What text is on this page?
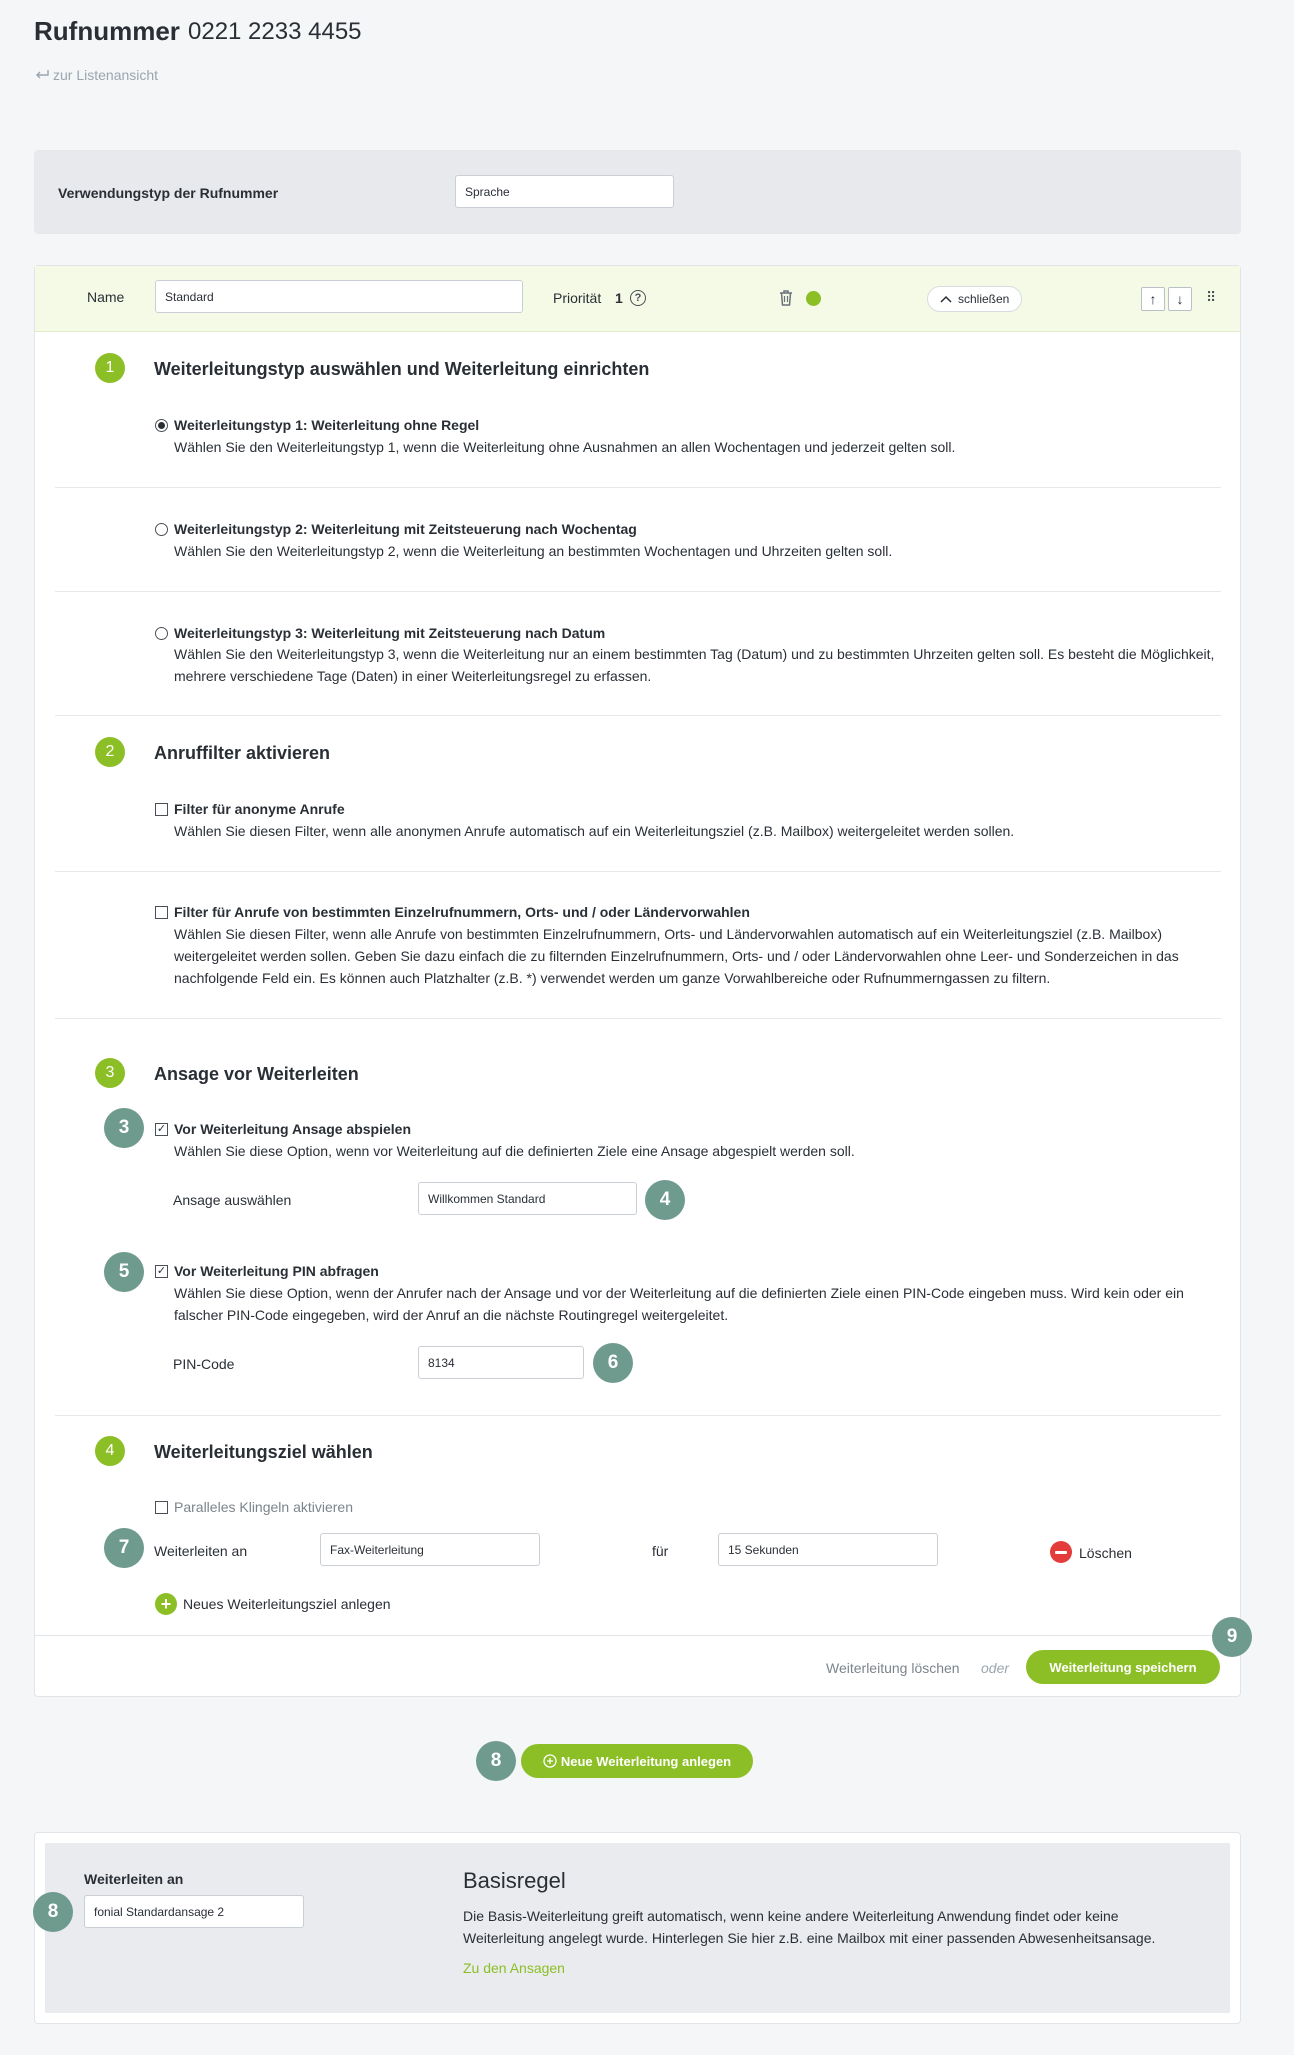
Rufnummer 0221 2233 4455
zur Listenansicht
Verwendungstyp der Rufnummer	Sprache
Name	Standard	Priorität 1	?	schließen	↑	↓	⠿
1	Weiterleitungstyp auswählen und Weiterleitung einrichten
Weiterleitungstyp 1: Weiterleitung ohne Regel
Wählen Sie den Weiterleitungstyp 1, wenn die Weiterleitung ohne Ausnahmen an allen Wochentagen und jederzeit gelten soll.
Weiterleitungstyp 2: Weiterleitung mit Zeitsteuerung nach Wochentag
Wählen Sie den Weiterleitungstyp 2, wenn die Weiterleitung an bestimmten Wochentagen und Uhrzeiten gelten soll.
Weiterleitungstyp 3: Weiterleitung mit Zeitsteuerung nach Datum
Wählen Sie den Weiterleitungstyp 3, wenn die Weiterleitung nur an einem bestimmten Tag (Datum) und zu bestimmten Uhrzeiten gelten soll. Es besteht die Möglichkeit, mehrere verschiedene Tage (Daten) in einer Weiterleitungsregel zu erfassen.
2	Anruffilter aktivieren
Filter für anonyme Anrufe
Wählen Sie diesen Filter, wenn alle anonymen Anrufe automatisch auf ein Weiterleitungsziel (z.B. Mailbox) weitergeleitet werden sollen.
Filter für Anrufe von bestimmten Einzelrufnummern, Orts- und / oder Ländervorwahlen
Wählen Sie diesen Filter, wenn alle Anrufe von bestimmten Einzelrufnummern, Orts- und Ländervorwahlen automatisch auf ein Weiterleitungsziel (z.B. Mailbox) weitergeleitet werden sollen. Geben Sie dazu einfach die zu filternden Einzelrufnummern, Orts- und / oder Ländervorwahlen ohne Leer- und Sonderzeichen in das nachfolgende Feld ein. Es können auch Platzhalter (z.B. *) verwendet werden um ganze Vorwahlbereiche oder Rufnummerngassen zu filtern.
3	Ansage vor Weiterleiten
3	✓ Vor Weiterleitung Ansage abspielen
Wählen Sie diese Option, wenn vor Weiterleitung auf die definierten Ziele eine Ansage abgespielt werden soll.
Ansage auswählen	Willkommen Standard	4
5	✓ Vor Weiterleitung PIN abfragen
Wählen Sie diese Option, wenn der Anrufer nach der Ansage und vor der Weiterleitung auf die definierten Ziele einen PIN-Code eingeben muss. Wird kein oder ein falscher PIN-Code eingegeben, wird der Anruf an die nächste Routingregel weitergeleitet.
PIN-Code	8134	6
4	Weiterleitungsziel wählen
Paralleles Klingeln aktivieren
7	Weiterleiten an	Fax-Weiterleitung	für	15 Sekunden	Löschen
+ Neues Weiterleitungsziel anlegen
Weiterleitung löschen oder	Weiterleitung speichern
9
8	Neue Weiterleitung anlegen
Weiterleiten an
fonial Standardansage 2
8
Basisregel
Die Basis-Weiterleitung greift automatisch, wenn keine andere Weiterleitung Anwendung findet oder keine Weiterleitung angelegt wurde. Hinterlegen Sie hier z.B. eine Mailbox mit einer passenden Abwesenheitsansage.
Zu den Ansagen
